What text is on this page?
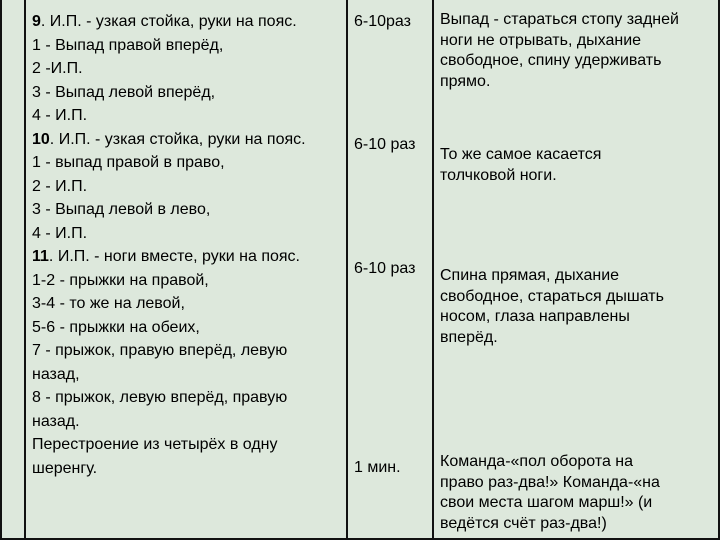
9. И.П. - узкая стойка, руки на пояс.
1 - Выпад правой вперёд,
2 -И.П.
3 - Выпад левой вперёд,
4 - И.П.
10. И.П. - узкая стойка, руки на пояс.
1 - выпад правой в право,
2 - И.П.
3 - Выпад левой в лево,
4 - И.П.
11. И.П. - ноги вместе, руки на пояс.
1-2 - прыжки на правой,
3-4 - то же на левой,
5-6 - прыжки на обеих,
7 - прыжок, правую вперёд, левую
назад,
8 - прыжок, левую вперёд, правую
назад.
Перестроение из четырёх в одну
шеренгу.
6-10раз
6-10 раз
6-10 раз
1 мин.
Выпад - стараться стопу задней
ноги не отрывать, дыхание
свободное, спину удерживать
прямо.
То же самое касается
толчковой ноги.
Спина прямая, дыхание
свободное, стараться дышать
носом, глаза направлены
вперёд.
Команда-«пол оборота на
право раз-два!» Команда-«на
свои места шагом марш!» (и
ведётся счёт раз-два!)
